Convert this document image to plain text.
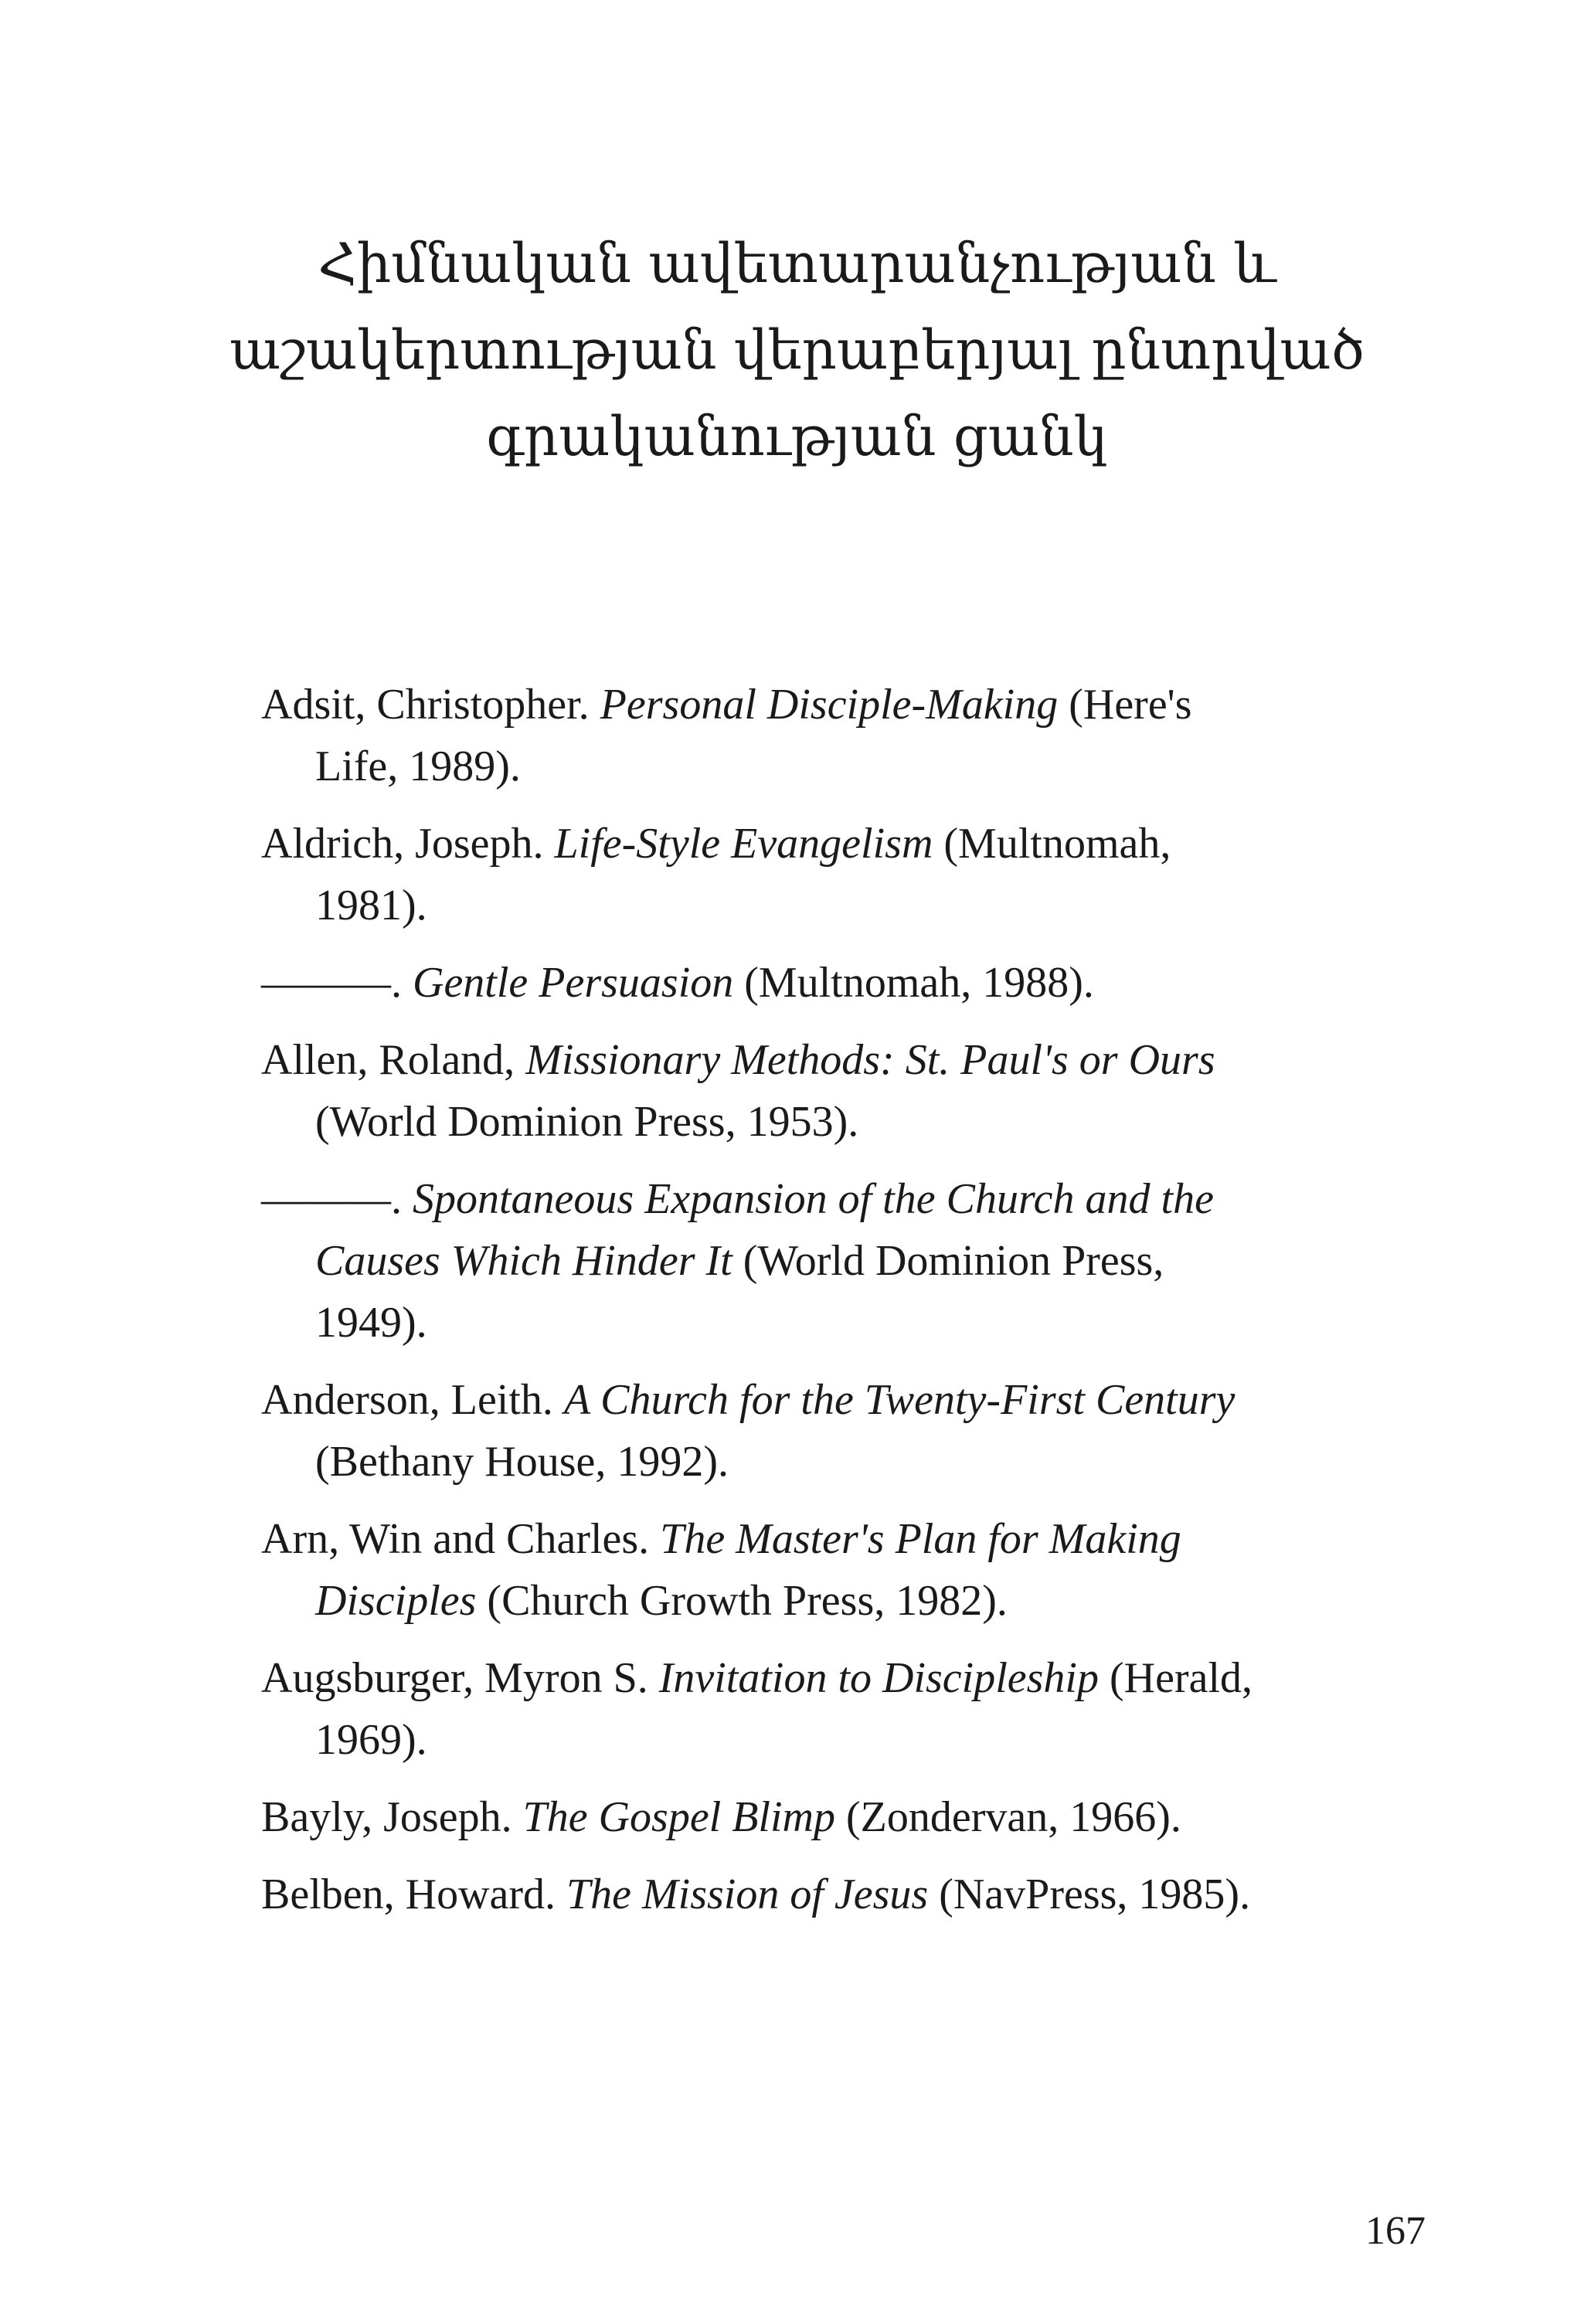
Հիմնական ավետարանչության և
աշակերտության վերաբերյալ ընտրված
գրականության ցանկ
Adsit, Christopher. Personal Disciple-Making (Here's Life, 1989).
Aldrich, Joseph. Life-Style Evangelism (Multnomah, 1981).
———. Gentle Persuasion (Multnomah, 1988).
Allen, Roland, Missionary Methods: St. Paul's or Ours (World Dominion Press, 1953).
———. Spontaneous Expansion of the Church and the Causes Which Hinder It (World Dominion Press, 1949).
Anderson, Leith. A Church for the Twenty-First Century (Bethany House, 1992).
Arn, Win and Charles. The Master's Plan for Making Disciples (Church Growth Press, 1982).
Augsburger, Myron S. Invitation to Discipleship (Herald, 1969).
Bayly, Joseph. The Gospel Blimp (Zondervan, 1966).
Belben, Howard. The Mission of Jesus (NavPress, 1985).
167
